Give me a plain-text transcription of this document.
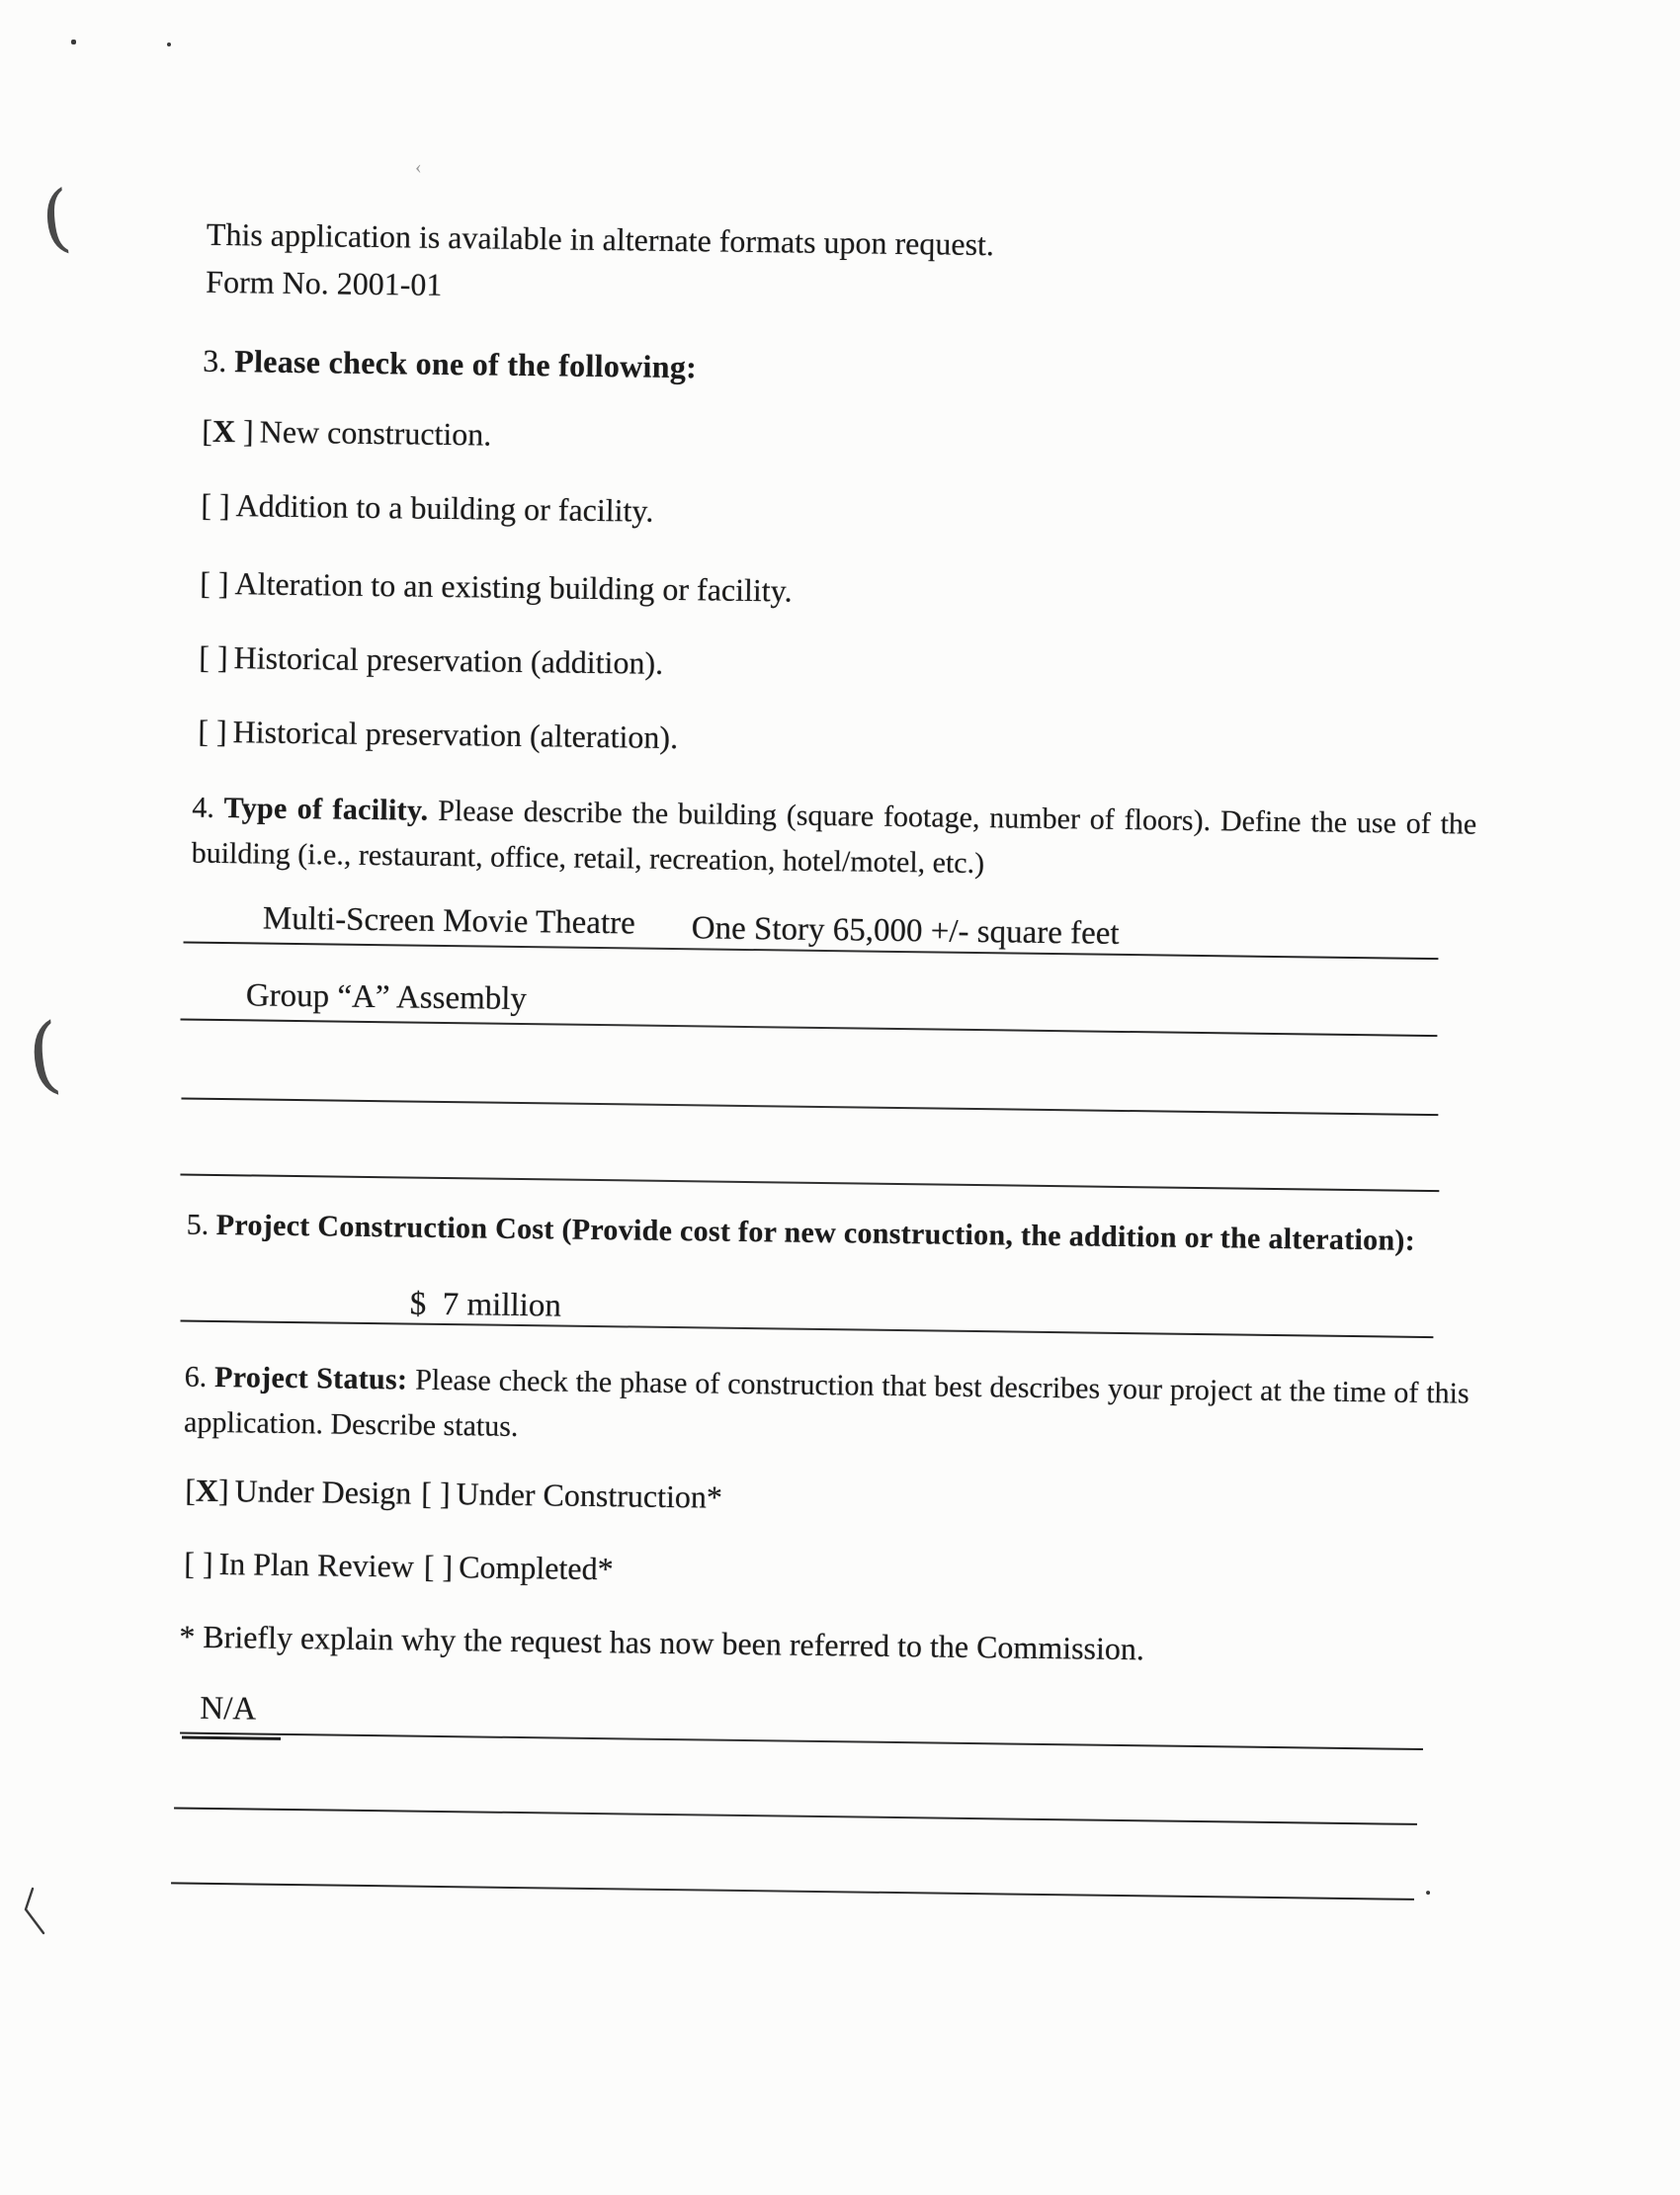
‹
(
(
This application is available in alternate formats upon request.
Form No. 2001-01
3. Please check one of the following:
[X ] New construction.
[ ] Addition to a building or facility.
[ ] Alteration to an existing building or facility.
[ ] Historical preservation (addition).
[ ] Historical preservation (alteration).

4. Type of facility. Please describe the building (square footage, number of floors). Define the use of the building (i.e., restaurant, office, retail, recreation, hotel/motel, etc.)

Multi-Screen Movie Theatre One Story 65,000 +/- square feet
Group “A” Assembly

5. Project Construction Cost (Provide cost for new construction, the addition or the alteration):

$  7 million

6. Project Status: Please check the phase of construction that best describes your project at the time of this application. Describe status.

[X] Under Design [ ] Under Construction*
[ ] In Plan Review [ ] Completed*
* Briefly explain why the request has now been referred to the Commission.
N/A
